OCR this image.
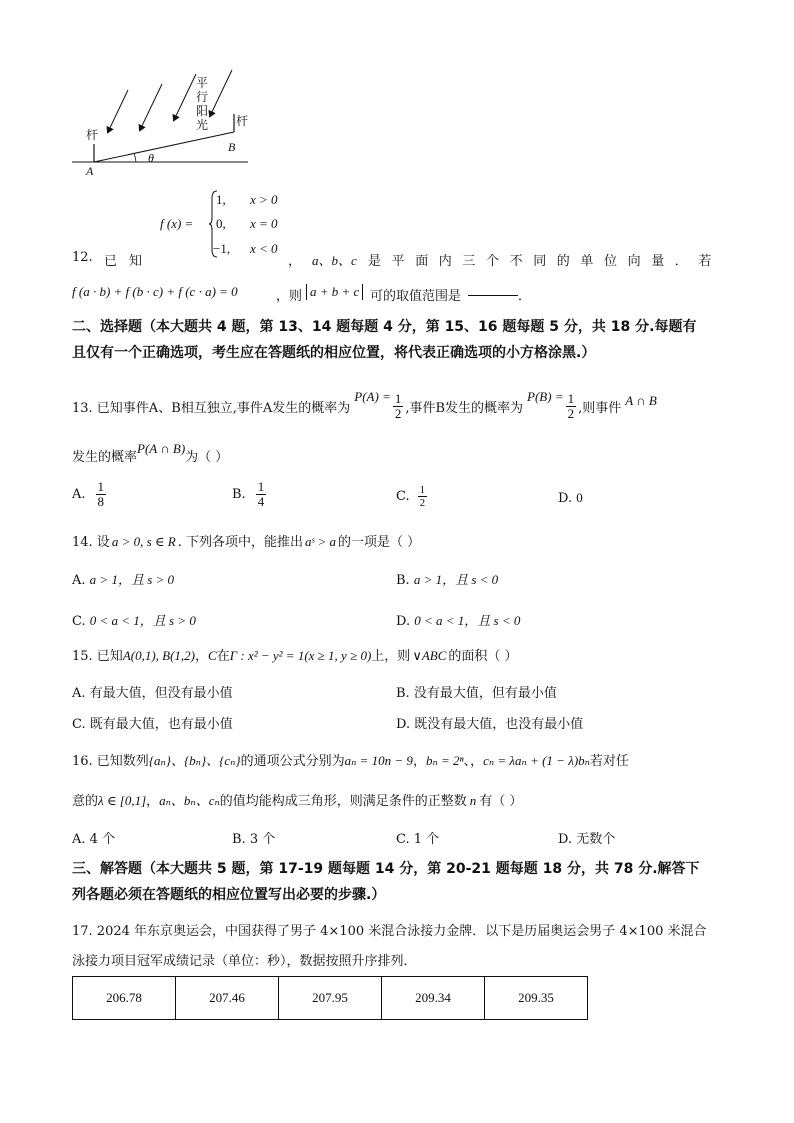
杆
杆
A
B
θ
平行阳光
f (x) =
1, x > 0
0, x = 0
−1, x < 0
12. 已知	， a、b、c 是平面内三个不同的单位向量．若
f (a · b) + f (b · c) + f (c · a) = 0	，则 a + b + c 可的取值范围是	．
二、选择题（本大题共 4 题，第 13、14 题每题 4 分，第 15、16 题每题 5 分，共 18 分.每题有
且仅有一个正确选项，考生应在答题纸的相应位置，将代表正确选项的小方格涂黑.）
13. 已知事件A、B相互独立,事件A发生的概率为
$P(A) = \frac{1}{2}$ ,事件B发生的概率为
$P(B) = \frac{1}{2}$ ,则事件
A ∩ B
发生的概率P(A ∩ B)为（ ）
A. $\frac{1}{8}$	B. $\frac{1}{4}$	C. $\frac{1}{2}$	D. 0
14. 设 a > 0, s ∈ R . 下列各项中，能推出 aˢ > a 的一项是（ ）
A. a > 1，且 s > 0	B. a > 1，且 s < 0
C. 0 < a < 1，且 s > 0	D. 0 < a < 1，且 s < 0
15. 已知A(0,1), B(1,2)，C在Γ : x² − y² = 1(x ≥ 1, y ≥ 0)上，则 ∨ABC 的面积（ ）
A. 有最大值，但没有最小值	B. 没有最大值，但有最小值
C. 既有最大值，也有最小值	D. 既没有最大值，也没有最小值
16. 已知数列{aₙ}、{bₙ}、{cₙ}的通项公式分别为aₙ = 10n − 9，bₙ = 2ⁿ、，cₙ = λaₙ + (1 − λ)bₙ若对任
意的λ ∈ [0,1]，aₙ、bₙ、cₙ的值均能构成三角形，则满足条件的正整数 n 有（ ）
A. 4 个	B. 3 个	C. 1 个	D. 无数个
三、解答题（本大题共 5 题，第 17-19 题每题 14 分，第 20-21 题每题 18 分，共 78 分.解答下
列各题必须在答题纸的相应位置写出必要的步骤.）
17. 2024 年东京奥运会，中国获得了男子 4×100 米混合泳接力金牌．以下是历届奥运会男子 4×100 米混合
泳接力项目冠军成绩记录（单位：秒），数据按照升序排列．
206.78	207.46	207.95	209.34	209.35
